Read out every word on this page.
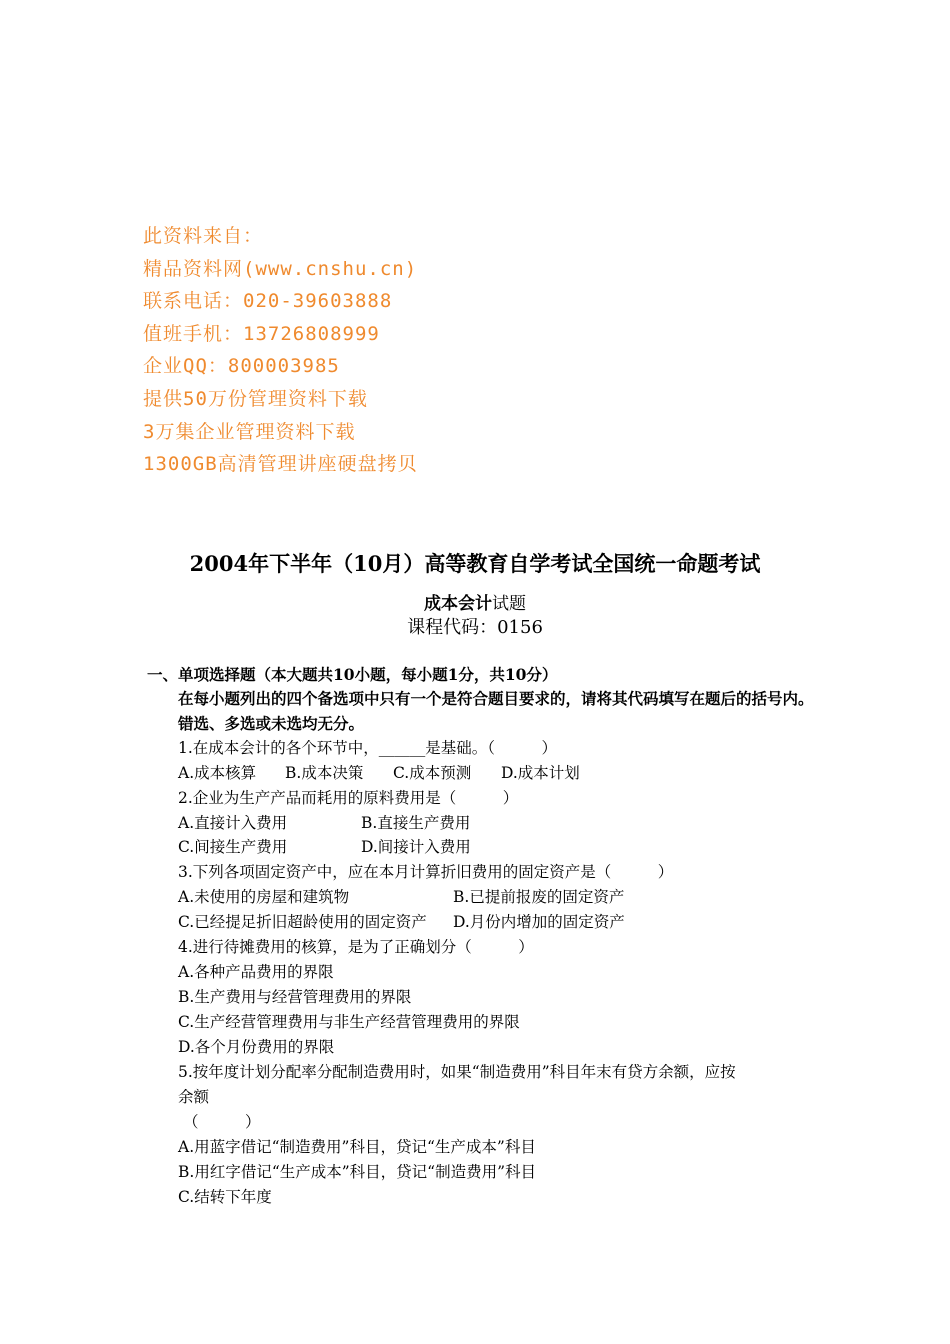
此资料来自：
精品资料网(www.cnshu.cn)
联系电话：020-39603888
值班手机：13726808999
企业QQ：800003985
提供50万份管理资料下载
3万集企业管理资料下载
1300GB高清管理讲座硬盘拷贝
2004年下半年（10月）高等教育自学考试全国统一命题考试
成本会计试题
课程代码：0156
一、单项选择题（本大题共10小题，每小题1分，共10分）
在每小题列出的四个备选项中只有一个是符合题目要求的，请将其代码填写在题后的括号内。错选、多选或未选均无分。
1.在成本会计的各个环节中，______是基础。（　　　）
A.成本核算 B.成本决策 C.成本预测 D.成本计划
2.企业为生产产品而耗用的原料费用是（　　　）
A.直接计入费用	B.直接生产费用
C.间接生产费用	D.间接计入费用
3.下列各项固定资产中，应在本月计算折旧费用的固定资产是（　　　）
A.未使用的房屋和建筑物	B.已提前报废的固定资产
C.已经提足折旧超龄使用的固定资产 D.月份内增加的固定资产
4.进行待摊费用的核算，是为了正确划分（　　　）
A.各种产品费用的界限
B.生产费用与经营管理费用的界限
C.生产经营管理费用与非生产经营管理费用的界限
D.各个月份费用的界限
5.按年度计划分配率分配制造费用时，如果“制造费用”科目年末有贷方余额，应按
余额
（　　　）
A.用蓝字借记“制造费用”科目，贷记“生产成本”科目
B.用红字借记“生产成本”科目，贷记“制造费用”科目
C.结转下年度
